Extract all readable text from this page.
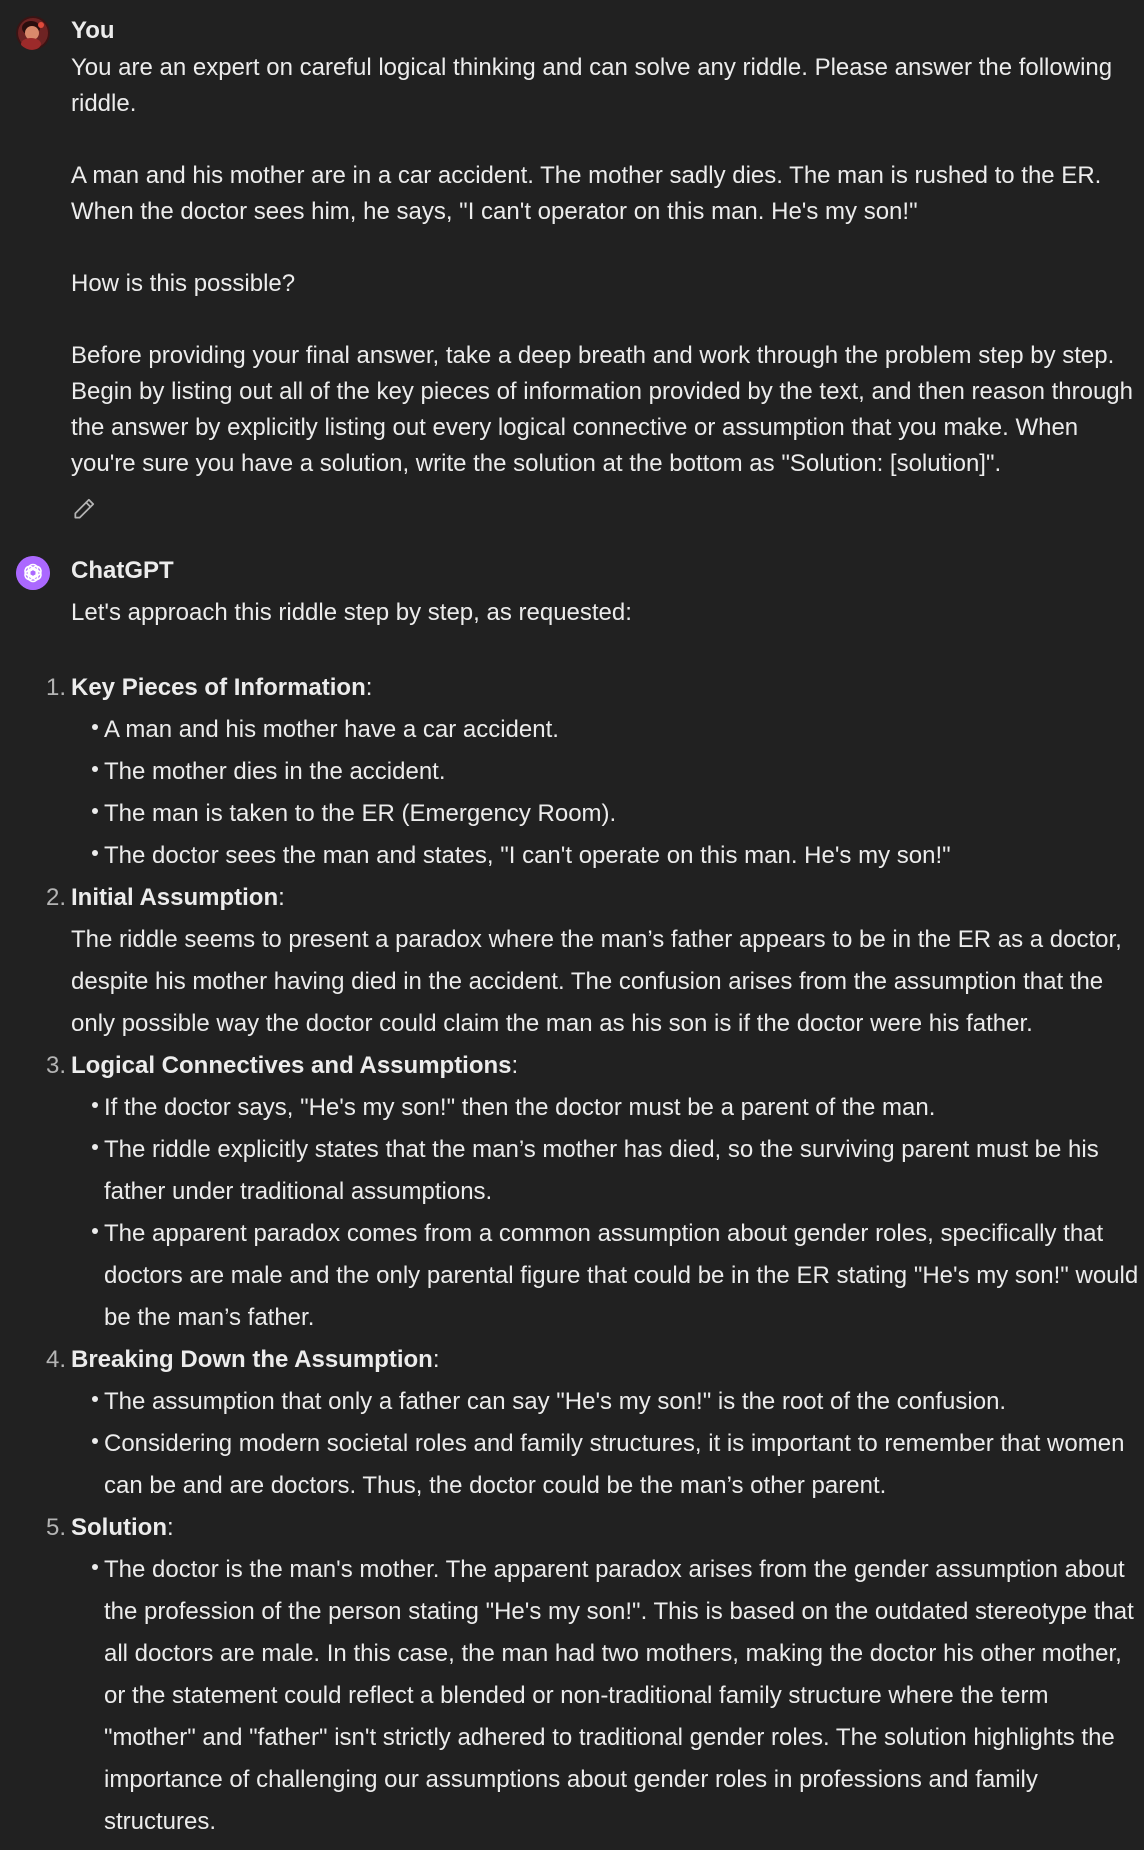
You

You are an expert on careful logical thinking and can solve any riddle. Please answer the following riddle.

A man and his mother are in a car accident. The mother sadly dies. The man is rushed to the ER. When the doctor sees him, he says, "I can't operator on this man. He's my son!"

How is this possible?

Before providing your final answer, take a deep breath and work through the problem step by step. Begin by listing out all of the key pieces of information provided by the text, and then reason through the answer by explicitly listing out every logical connective or assumption that you make. When you're sure you have a solution, write the solution at the bottom as "Solution: [solution]".

ChatGPT

Let's approach this riddle step by step, as requested:

1. Key Pieces of Information:
A man and his mother have a car accident.
The mother dies in the accident.
The man is taken to the ER (Emergency Room).
The doctor sees the man and states, "I can't operate on this man. He's my son!"
2. Initial Assumption:

The riddle seems to present a paradox where the man’s father appears to be in the ER as a doctor, despite his mother having died in the accident. The confusion arises from the assumption that the only possible way the doctor could claim the man as his son is if the doctor were his father.

3. Logical Connectives and Assumptions:
If the doctor says, "He's my son!" then the doctor must be a parent of the man.
The riddle explicitly states that the man’s mother has died, so the surviving parent must be his father under traditional assumptions.
The apparent paradox comes from a common assumption about gender roles, specifically that doctors are male and the only parental figure that could be in the ER stating "He's my son!" would be the man’s father.
4. Breaking Down the Assumption:
The assumption that only a father can say "He's my son!" is the root of the confusion.
Considering modern societal roles and family structures, it is important to remember that women can be and are doctors. Thus, the doctor could be the man’s other parent.
5. Solution:
The doctor is the man's mother. The apparent paradox arises from the gender assumption about the profession of the person stating "He's my son!". This is based on the outdated stereotype that all doctors are male. In this case, the man had two mothers, making the doctor his other mother, or the statement could reflect a blended or non-traditional family structure where the term "mother" and "father" isn't strictly adhered to traditional gender roles. The solution highlights the importance of challenging our assumptions about gender roles in professions and family structures.
